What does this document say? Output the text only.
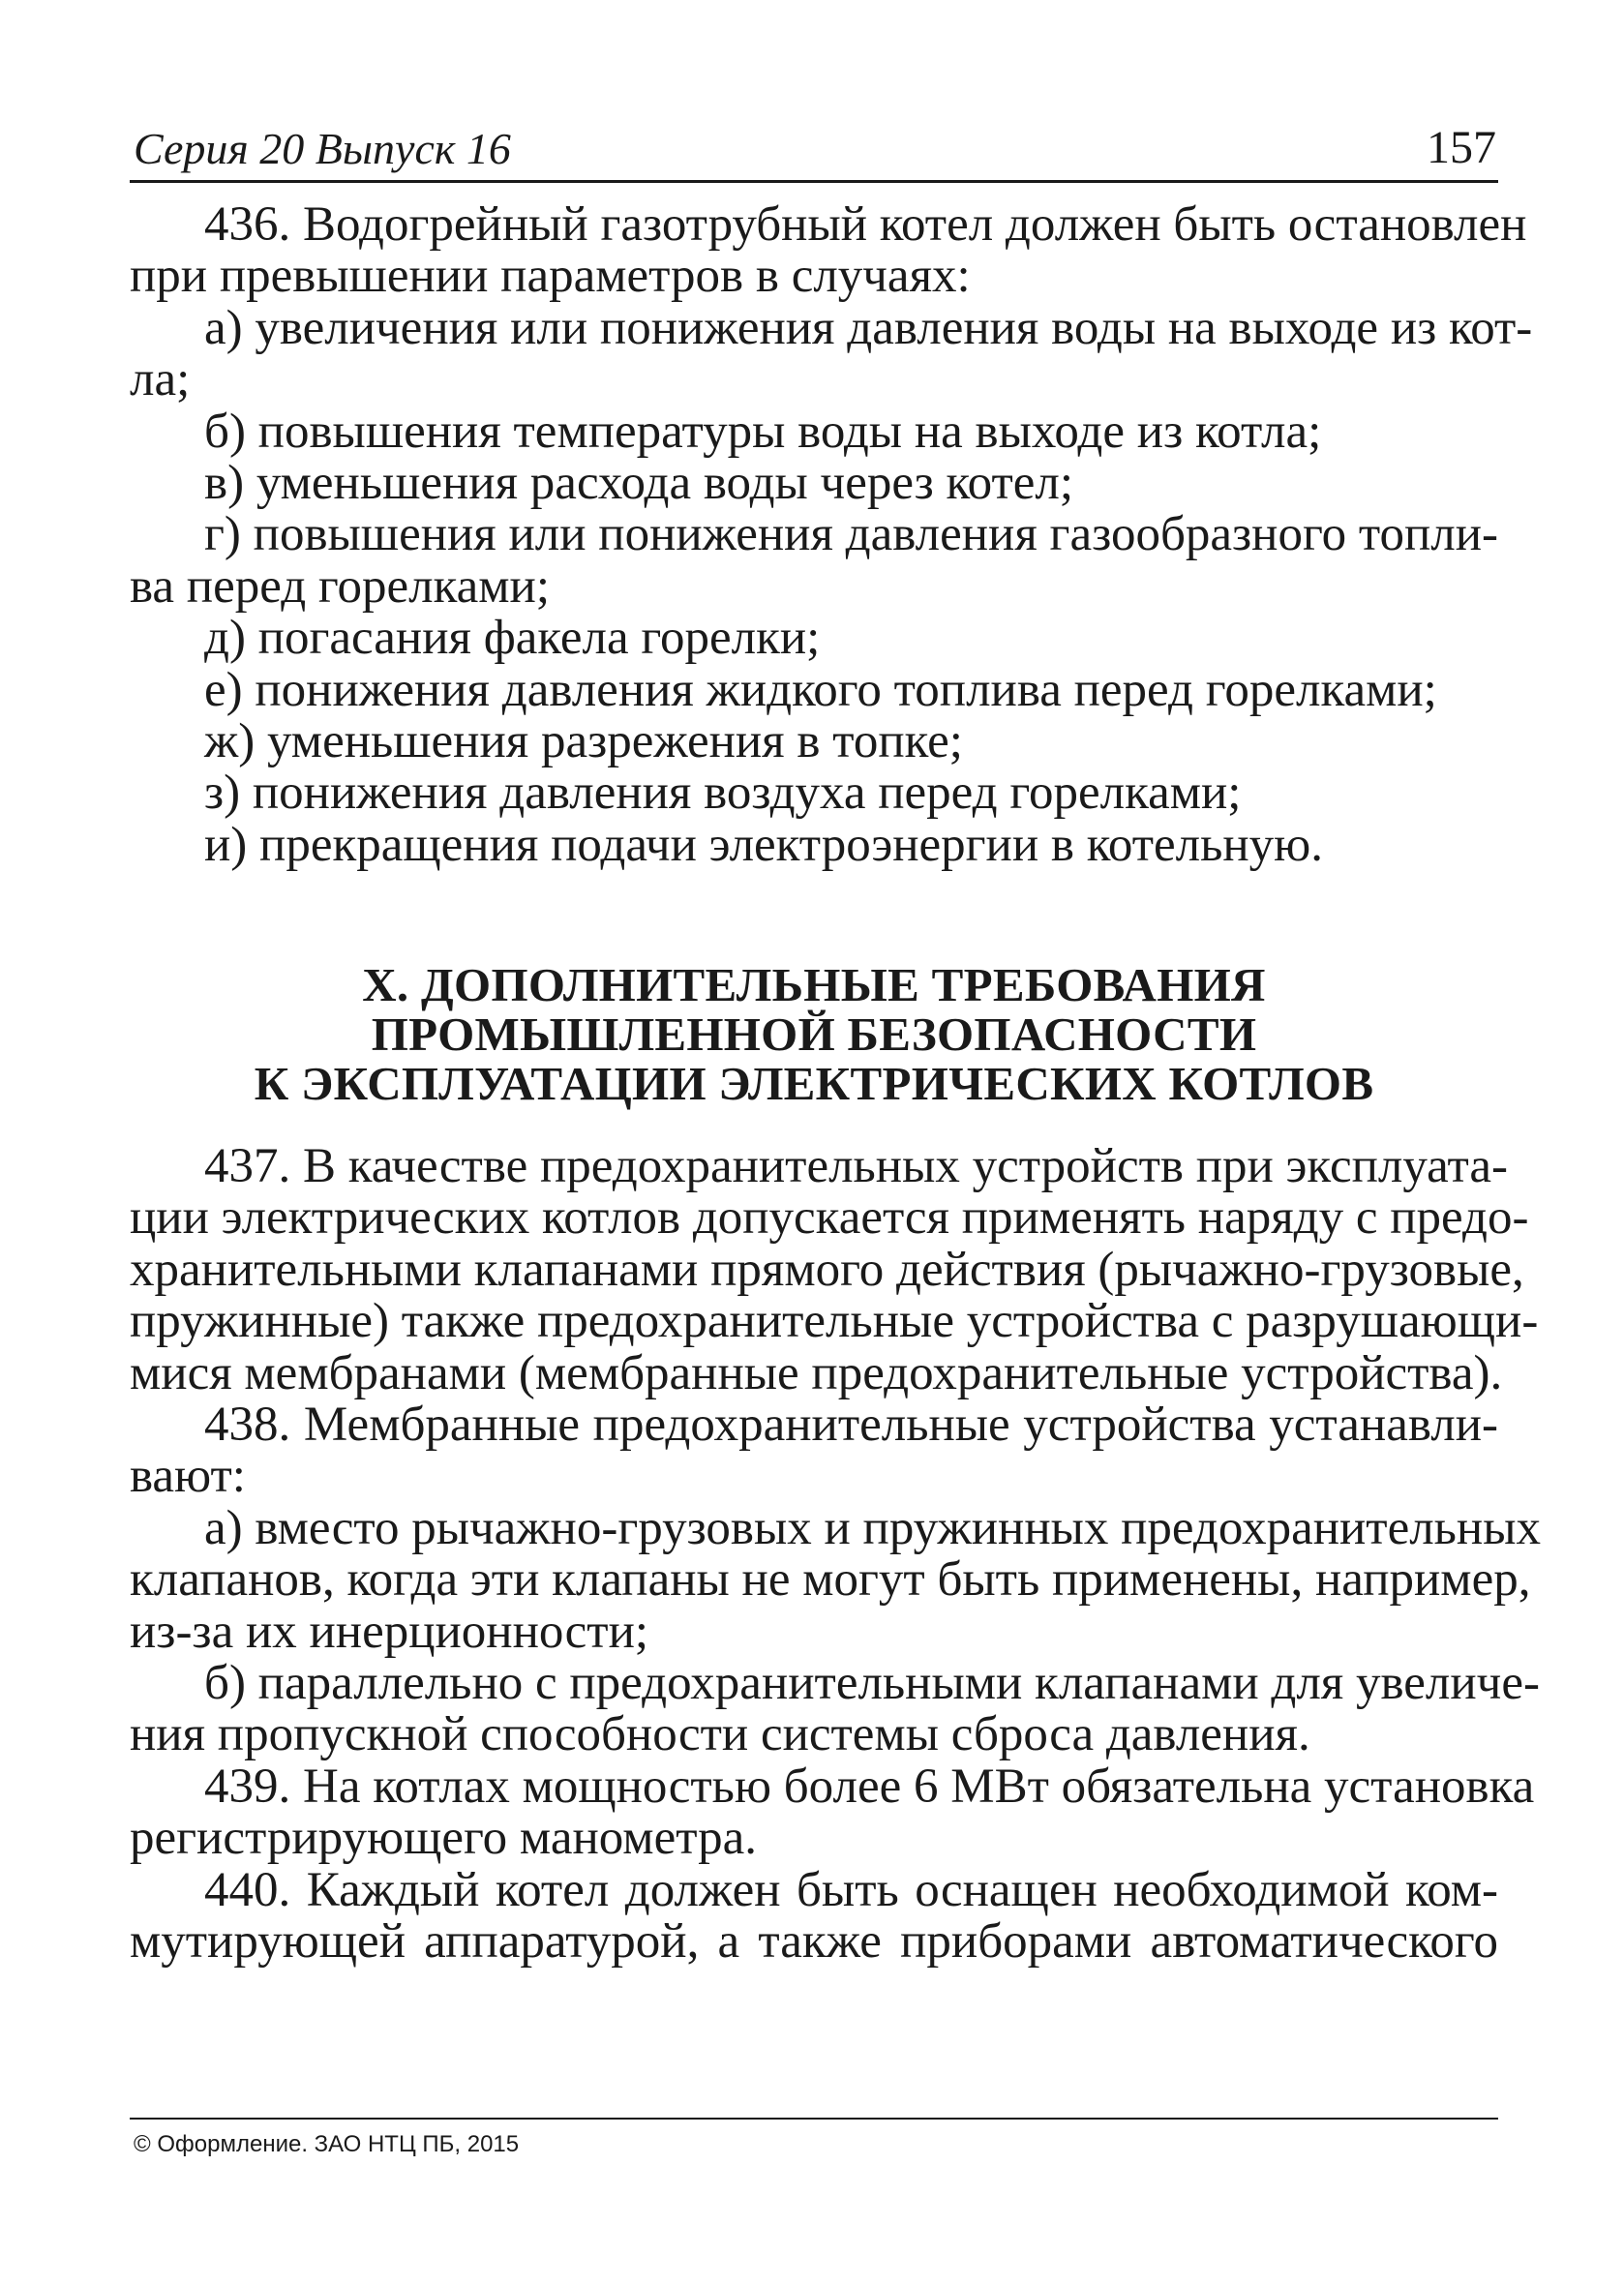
Серия 20 Выпуск 16	157
436. Водогрейный газотрубный котел должен быть остановлен
при превышении параметров в случаях:
а) увеличения или понижения давления воды на выходе из кот-
ла;
б) повышения температуры воды на выходе из котла;
в) уменьшения расхода воды через котел;
г) повышения или понижения давления газообразного топли-
ва перед горелками;
д) погасания факела горелки;
е) понижения давления жидкого топлива перед горелками;
ж) уменьшения разрежения в топке;
з) понижения давления воздуха перед горелками;
и) прекращения подачи электроэнергии в котельную.
X. ДОПОЛНИТЕЛЬНЫЕ ТРЕБОВАНИЯ
ПРОМЫШЛЕННОЙ БЕЗОПАСНОСТИ
К ЭКСПЛУАТАЦИИ ЭЛЕКТРИЧЕСКИХ КОТЛОВ
437. В качестве предохранительных устройств при эксплуата-
ции электрических котлов допускается применять наряду с предо-
хранительными клапанами прямого действия (рычажно-грузовые,
пружинные) также предохранительные устройства с разрушающи-
мися мембранами (мембранные предохранительные устройства).
438. Мембранные предохранительные устройства устанавли-
вают:
а) вместо рычажно-грузовых и пружинных предохранительных
клапанов, когда эти клапаны не могут быть применены, например,
из-за их инерционности;
б) параллельно с предохранительными клапанами для увеличе-
ния пропускной способности системы сброса давления.
439. На котлах мощностью более 6 МВт обязательна установка
регистрирующего манометра.
440. Каждый котел должен быть оснащен необходимой ком-
мутирующей аппаратурой, а также приборами автоматического
© Оформление. ЗАО НТЦ ПБ, 2015
